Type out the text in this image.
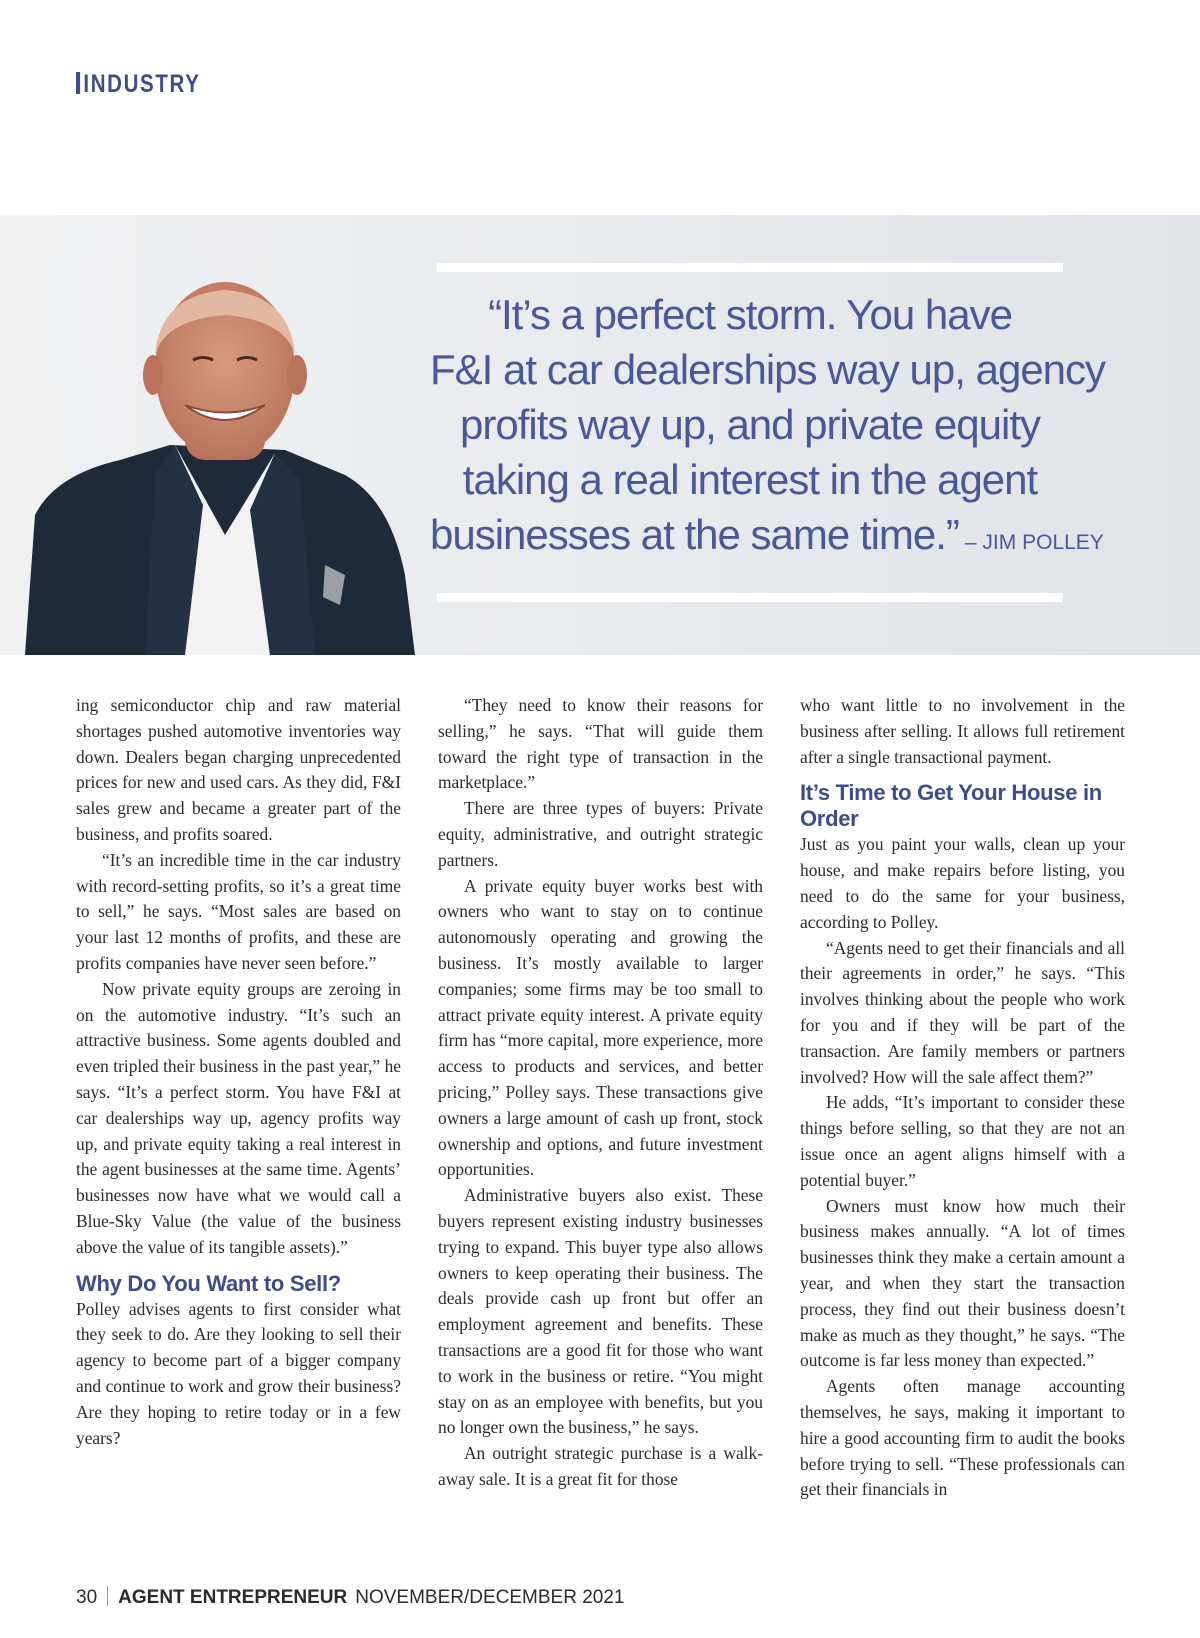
INDUSTRY
“It’s a perfect storm. You have
F&I at car dealerships way up, agency
profits way up, and private equity
taking a real interest in the agent
businesses at the same time.” – JIM POLLEY

ing semiconductor chip and raw material shortages pushed automotive inventories way down. Dealers began charging unprecedented prices for new and used cars. As they did, F&I sales grew and became a greater part of the business, and profits soared.

“It’s an incredible time in the car industry with record-setting profits, so it’s a great time to sell,” he says. “Most sales are based on your last 12 months of profits, and these are profits companies have never seen before.”

Now private equity groups are zeroing in on the automotive industry. “It’s such an attractive business. Some agents doubled and even tripled their business in the past year,” he says. “It’s a perfect storm. You have F&I at car dealerships way up, agency profits way up, and private equity taking a real interest in the agent businesses at the same time. Agents’ businesses now have what we would call a Blue-Sky Value (the value of the business above the value of its tangible assets).”

Why Do You Want to Sell?

Polley advises agents to first consider what they seek to do. Are they looking to sell their agency to become part of a bigger company and continue to work and grow their business? Are they hoping to retire today or in a few years?

“They need to know their reasons for selling,” he says. “That will guide them toward the right type of transaction in the marketplace.”

There are three types of buyers: Private equity, administrative, and outright strategic partners.

A private equity buyer works best with owners who want to stay on to continue autonomously operating and growing the business. It’s mostly available to larger companies; some firms may be too small to attract private equity interest. A private equity firm has “more capital, more experience, more access to products and services, and better pricing,” Polley says. These transactions give owners a large amount of cash up front, stock ownership and options, and future investment opportunities.

Administrative buyers also exist. These buyers represent existing industry businesses trying to expand. This buyer type also allows owners to keep operating their business. The deals provide cash up front but offer an employment agreement and benefits. These transactions are a good fit for those who want to work in the business or retire. “You might stay on as an employee with benefits, but you no longer own the business,” he says.

An outright strategic purchase is a walk-away sale. It is a great fit for those

who want little to no involvement in the business after selling. It allows full retirement after a single transactional payment.

It’s Time to Get Your House in Order

Just as you paint your walls, clean up your house, and make repairs before listing, you need to do the same for your business, according to Polley.

“Agents need to get their financials and all their agreements in order,” he says. “This involves thinking about the people who work for you and if they will be part of the transaction. Are family members or partners involved? How will the sale affect them?”

He adds, “It’s important to consider these things before selling, so that they are not an issue once an agent aligns himself with a potential buyer.”

Owners must know how much their business makes annually. “A lot of times businesses think they make a certain amount a year, and when they start the transaction process, they find out their business doesn’t make as much as they thought,” he says. “The outcome is far less money than expected.”

Agents often manage accounting themselves, he says, making it important to hire a good accounting firm to audit the books before trying to sell. “These professionals can get their financials in

30 AGENT ENTREPRENEUR NOVEMBER/DECEMBER 2021
